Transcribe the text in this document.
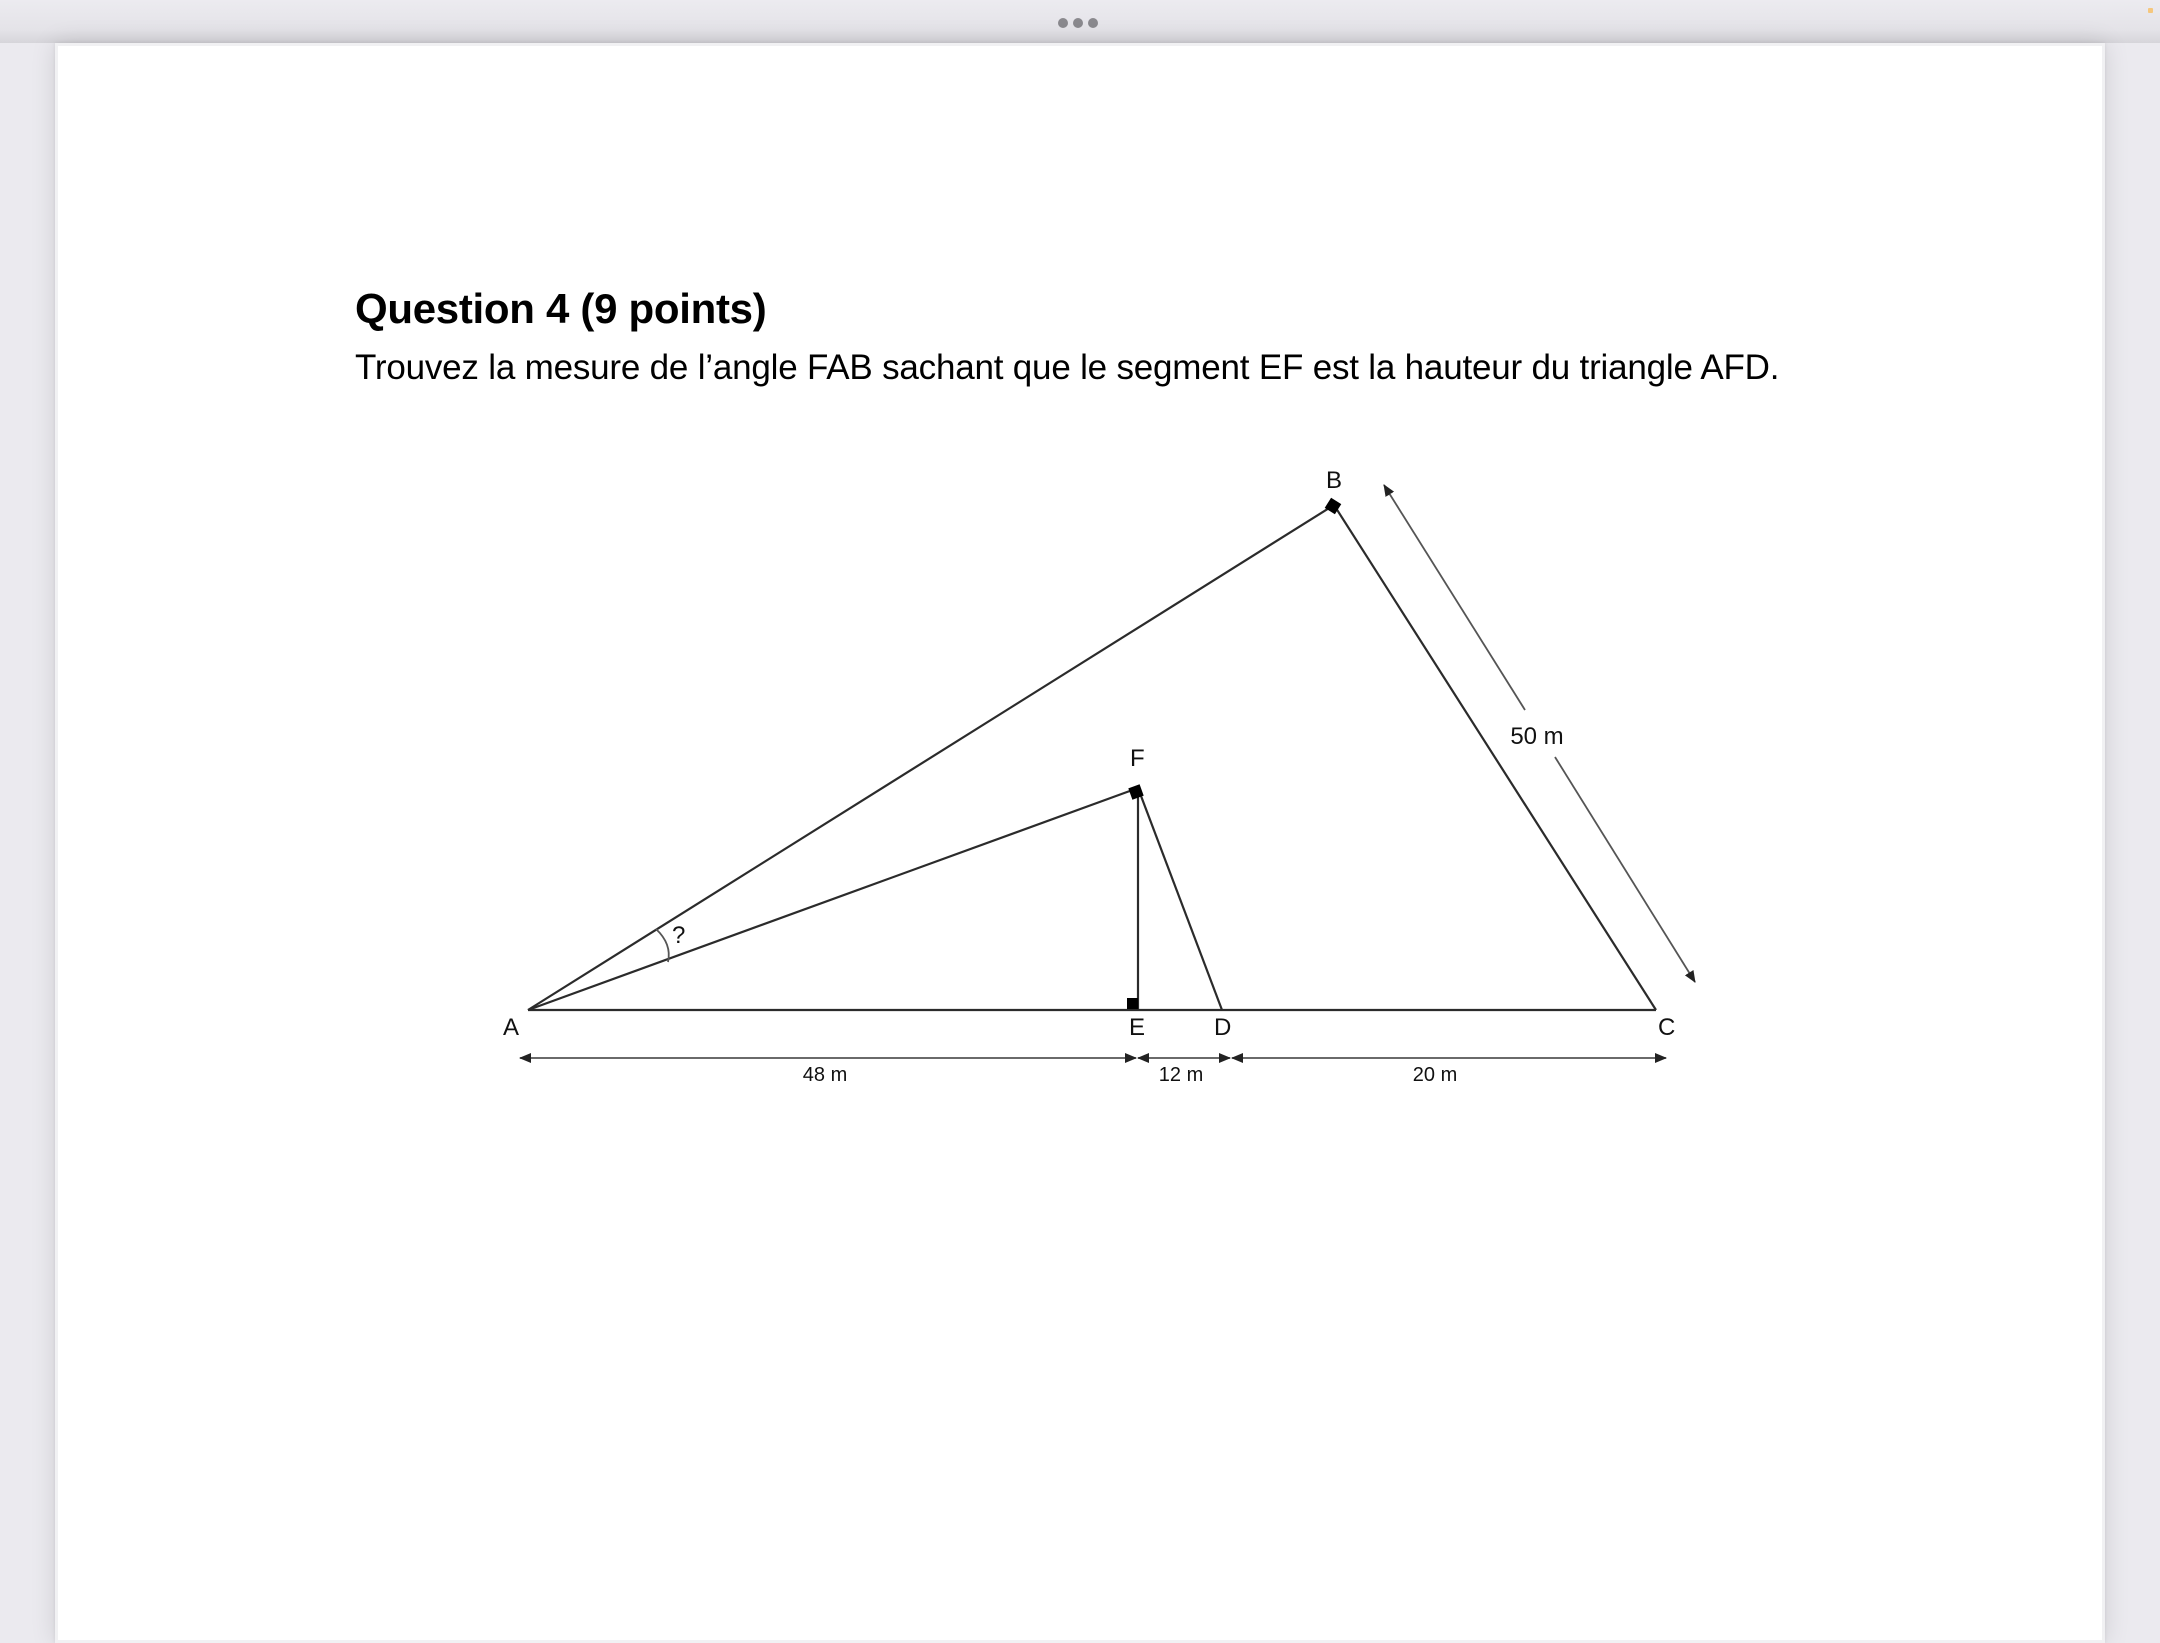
Question 4 (9 points)
Trouvez la mesure de l’angle FAB sachant que le segment EF est la hauteur du triangle AFD.
?
A
B
C
D
E
F
48 m	12 m	20 m
50 m
